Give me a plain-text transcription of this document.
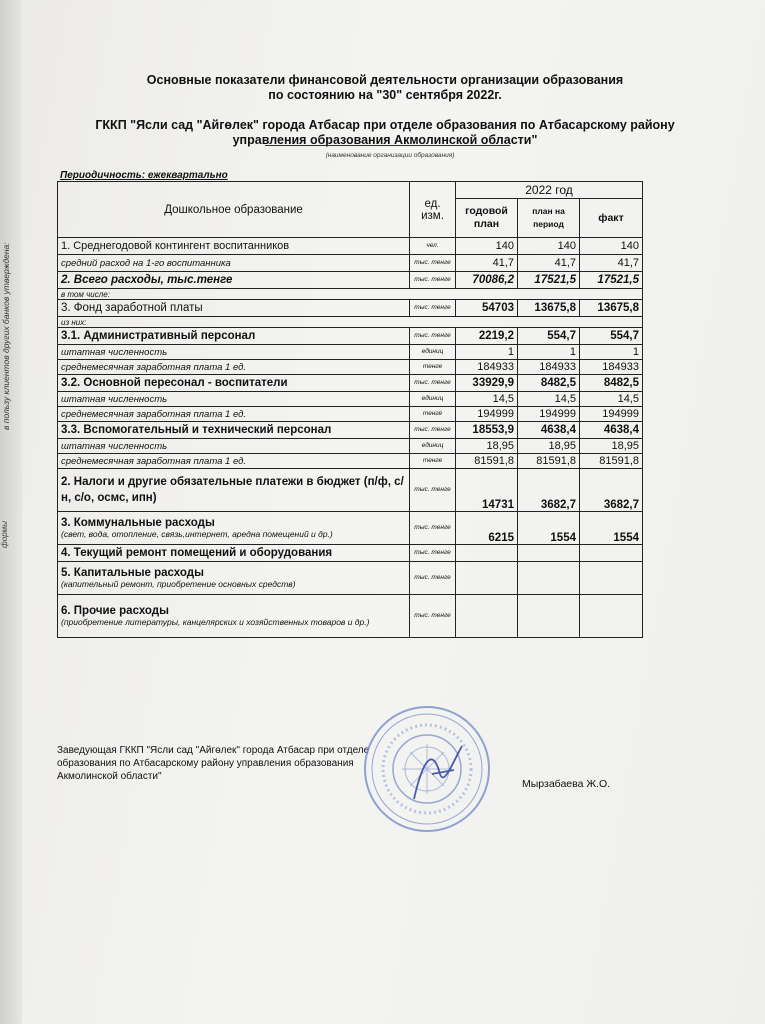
в пользу клиентов других банков утверждена:
формы
Основные показатели финансовой деятельности организации образования
по состоянию на "30" сентября 2022г.
ГККП "Ясли сад "Айгөлек" города Атбасар при отделе образования по Атбасарскому району
управления образования Акмолинской области"
(наименование организации образования)
Периодичность: ежеквартально
Дошкольное образование	ед. изм.	2022 год		
		годовой план	план на период	факт
1. Среднегодовой контингент воспитанников	чел.	140	140	140
средний расход на 1-го воспитанника	тыс. тенге	41,7	41,7	41,7
2. Всего расходы, тыс.тенге	тыс. тенге	70086,2	17521,5	17521,5
в том числе:				
3. Фонд заработной платы	тыс. тенге	54703	13675,8	13675,8
из них:				
3.1. Административный персонал	тыс. тенге	2219,2	554,7	554,7
штатная численность	единиц	1	1	1
среднемесячная заработная плата 1 ед.	тенге	184933	184933	184933
3.2. Основной пересонал - воспитатели	тыс. тенге	33929,9	8482,5	8482,5
штатная численность	единиц	14,5	14,5	14,5
среднемесячная заработная плата 1 ед.	тенге	194999	194999	194999
3.3. Вспомогательный и технический персонал	тыс. тенге	18553,9	4638,4	4638,4
штатная численность	единиц	18,95	18,95	18,95
среднемесячная заработная плата 1 ед.	тенге	81591,8	81591,8	81591,8
2. Налоги и другие обязательные платежи в бюджет (п/ф, с/н, с/о, осмс, ипн)	тыс. тенге	14731	3682,7	3682,7
3. Коммунальные расходы
(свет, вода, отопление, связь,интернет, аредна помещений и др.)	тыс. тенге	6215	1554	1554
4. Текущий ремонт помещений и оборудования	тыс. тенге			
5. Капитальные расходы
(капительный ремонт, приобретение основных средств)	тыс. тенге			
6. Прочие расходы
(приобретение литературы, канцелярских и хозяйственных товаров и др.)	тыс. тенге			
Заведующая ГККП "Ясли сад "Айгөлек" города Атбасар при отделе образования по Атбасарскому району управления образования Акмолинской области"
Мырзабаева Ж.О.
